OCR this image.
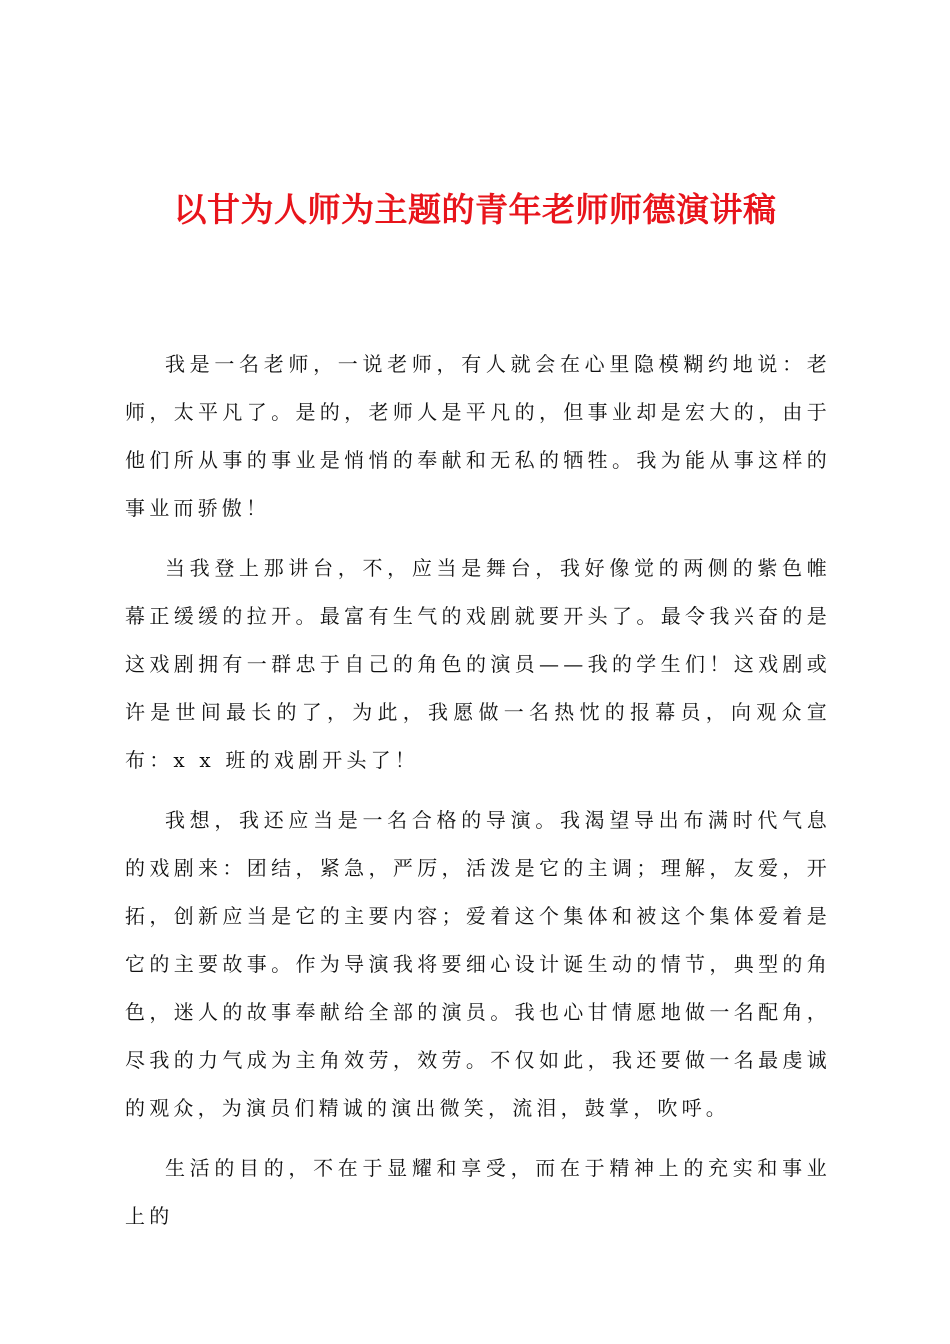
以甘为人师为主题的青年老师师德演讲稿

我是一名老师，一说老师，有人就会在心里隐模糊约地说：老师，太平凡了。是的，老师人是平凡的，但事业却是宏大的，由于他们所从事的事业是悄悄的奉献和无私的牺牲。我为能从事这样的事业而骄傲！

当我登上那讲台，不，应当是舞台，我好像觉的两侧的紫色帷幕正缓缓的拉开。最富有生气的戏剧就要开头了。最令我兴奋的是这戏剧拥有一群忠于自己的角色的演员——我的学生们！这戏剧或许是世间最长的了，为此，我愿做一名热忱的报幕员，向观众宣布：x x 班的戏剧开头了！

我想，我还应当是一名合格的导演。我渴望导出布满时代气息的戏剧来：团结，紧急，严厉，活泼是它的主调；理解，友爱，开拓，创新应当是它的主要内容；爱着这个集体和被这个集体爱着是它的主要故事。作为导演我将要细心设计诞生动的情节，典型的角色，迷人的故事奉献给全部的演员。我也心甘情愿地做一名配角，尽我的力气成为主角效劳，效劳。不仅如此，我还要做一名最虔诚的观众，为演员们精诚的演出微笑，流泪，鼓掌，吹呼。

生活的目的，不在于显耀和享受，而在于精神上的充实和事业上的
